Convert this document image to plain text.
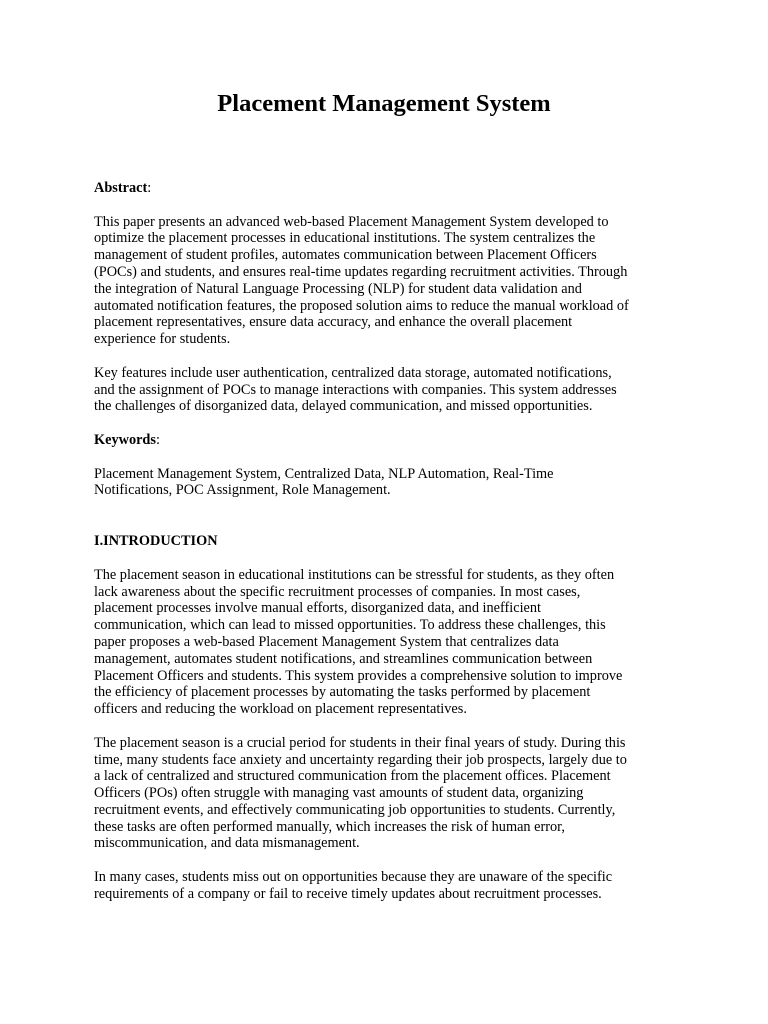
Placement Management System

Abstract:

This paper presents an advanced web-based Placement Management System developed to
optimize the placement processes in educational institutions. The system centralizes the
management of student profiles, automates communication between Placement Officers
(POCs) and students, and ensures real-time updates regarding recruitment activities. Through
the integration of Natural Language Processing (NLP) for student data validation and
automated notification features, the proposed solution aims to reduce the manual workload of
placement representatives, ensure data accuracy, and enhance the overall placement
experience for students.

Key features include user authentication, centralized data storage, automated notifications,
and the assignment of POCs to manage interactions with companies. This system addresses
the challenges of disorganized data, delayed communication, and missed opportunities.

Keywords:

Placement Management System, Centralized Data, NLP Automation, Real-Time
Notifications, POC Assignment, Role Management.

I.INTRODUCTION

The placement season in educational institutions can be stressful for students, as they often
lack awareness about the specific recruitment processes of companies. In most cases,
placement processes involve manual efforts, disorganized data, and inefficient
communication, which can lead to missed opportunities. To address these challenges, this
paper proposes a web-based Placement Management System that centralizes data
management, automates student notifications, and streamlines communication between
Placement Officers and students. This system provides a comprehensive solution to improve
the efficiency of placement processes by automating the tasks performed by placement
officers and reducing the workload on placement representatives.

The placement season is a crucial period for students in their final years of study. During this
time, many students face anxiety and uncertainty regarding their job prospects, largely due to
a lack of centralized and structured communication from the placement offices. Placement
Officers (POs) often struggle with managing vast amounts of student data, organizing
recruitment events, and effectively communicating job opportunities to students. Currently,
these tasks are often performed manually, which increases the risk of human error,
miscommunication, and data mismanagement.

In many cases, students miss out on opportunities because they are unaware of the specific
requirements of a company or fail to receive timely updates about recruitment processes.
